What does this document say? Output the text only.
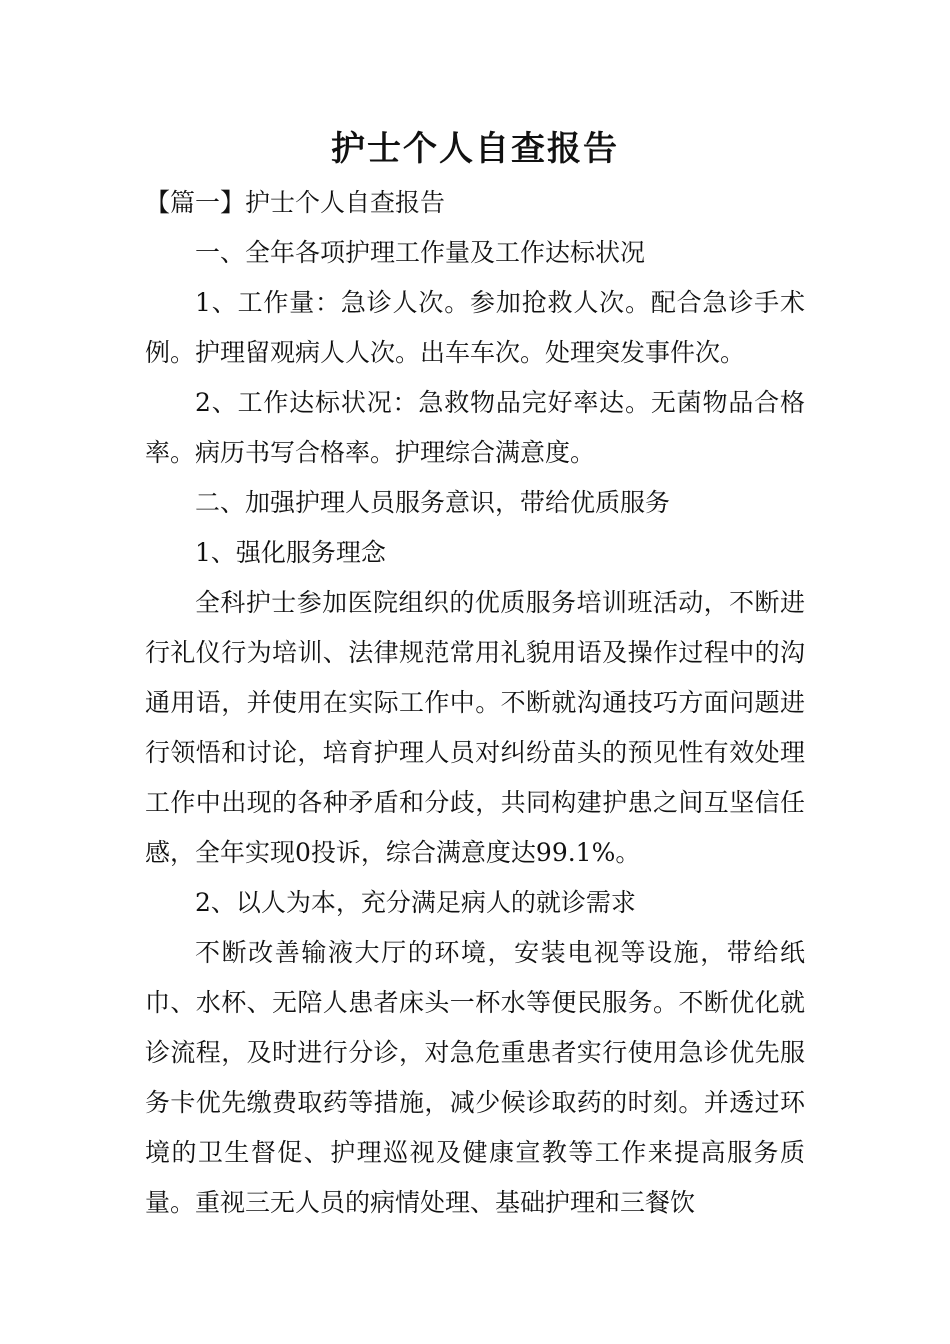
护士个人自查报告

【篇一】护士个人自查报告

一、全年各项护理工作量及工作达标状况

1、工作量：急诊人次。参加抢救人次。配合急诊手术例。护理留观病人人次。出车车次。处理突发事件次。

2、工作达标状况：急救物品完好率达。无菌物品合格率。病历书写合格率。护理综合满意度。

二、加强护理人员服务意识，带给优质服务

1、强化服务理念

全科护士参加医院组织的优质服务培训班活动，不断进行礼仪行为培训、法律规范常用礼貌用语及操作过程中的沟通用语，并使用在实际工作中。不断就沟通技巧方面问题进行领悟和讨论，培育护理人员对纠纷苗头的预见性有效处理工作中出现的各种矛盾和分歧，共同构建护患之间互坚信任感，全年实现0投诉，综合满意度达99.1%。

2、以人为本，充分满足病人的就诊需求

不断改善输液大厅的环境，安装电视等设施，带给纸巾、水杯、无陪人患者床头一杯水等便民服务。不断优化就诊流程，及时进行分诊，对急危重患者实行使用急诊优先服务卡优先缴费取药等措施，减少候诊取药的时刻。并透过环境的卫生督促、护理巡视及健康宣教等工作来提高服务质量。重视三无人员的病情处理、基础护理和三餐饮
